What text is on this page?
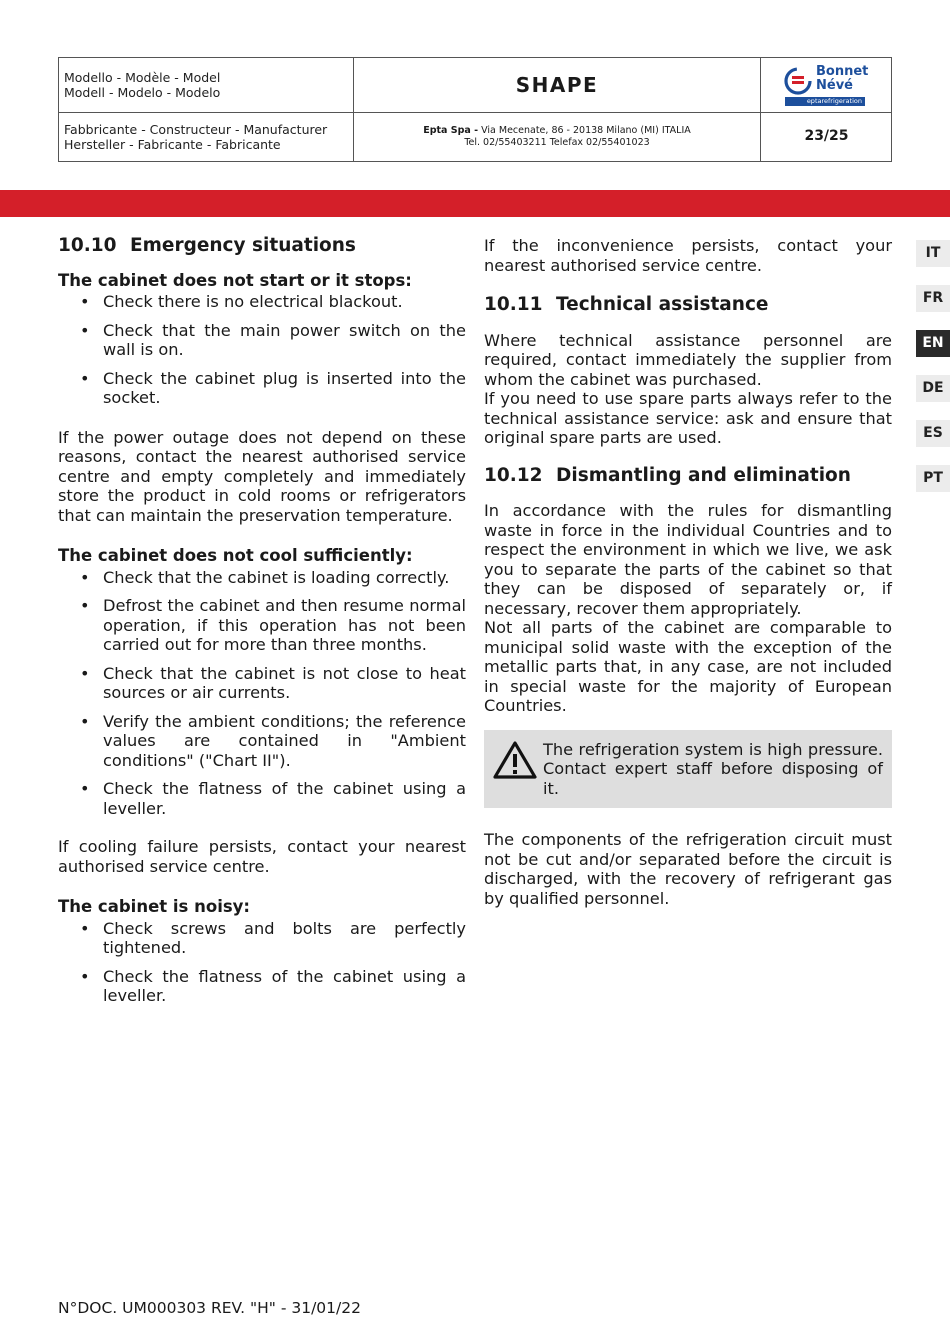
Modello - Modèle - Model
Modell - Modelo - Modelo	SHAPE
Bonnet
Névé
eptarefrigeration
Fabbricante - Constructeur - Manufacturer
Hersteller - Fabricante - Fabricante
Epta Spa - Via Mecenate, 86 - 20138 Milano (MI) ITALIA
Tel. 02/55403211 Telefax 02/55401023	23/25
10.10 Emergency situations
The cabinet does not start or it stops:
• Check there is no electrical blackout.
• Check that the main power switch on the wall is on.
• Check the cabinet plug is inserted into the socket.

If the power outage does not depend on these reasons, contact the nearest authorised service centre and empty completely and immediately store the product in cold rooms or refrigerators that can maintain the preservation temperature.

The cabinet does not cool sufficiently:
• Check that the cabinet is loading correctly.
• Defrost the cabinet and then resume normal operation, if this operation has not been carried out for more than three months.
• Check that the cabinet is not close to heat sources or air currents.
• Verify the ambient conditions; the reference values are contained in "Ambient conditions" ("Chart II").
• Check the flatness of the cabinet using a leveller.

If cooling failure persists, contact your nearest authorised service centre.

The cabinet is noisy:
• Check screws and bolts are perfectly tightened.
• Check the flatness of the cabinet using a leveller.

If the inconvenience persists, contact your nearest authorised service centre.

10.11 Technical assistance

Where technical assistance personnel are required, contact immediately the supplier from whom the cabinet was purchased.

If you need to use spare parts always refer to the technical assistance service: ask and ensure that original spare parts are used.

10.12 Dismantling and elimination

In accordance with the rules for dismantling waste in force in the individual Countries and to respect the environment in which we live, we ask you to separate the parts of the cabinet so that they can be disposed of separately or, if necessary, recover them appropriately.

Not all parts of the cabinet are comparable to municipal solid waste with the exception of the metallic parts that, in any case, are not included in special waste for the majority of European Countries.

The refrigeration system is high pressure. Contact expert staff before disposing of it.

The components of the refrigeration circuit must not be cut and/or separated before the circuit is discharged, with the recovery of refrigerant gas by qualified personnel.

IT
FR
EN
DE
ES
PT
N°DOC. UM000303 REV. "H" - 31/01/22
